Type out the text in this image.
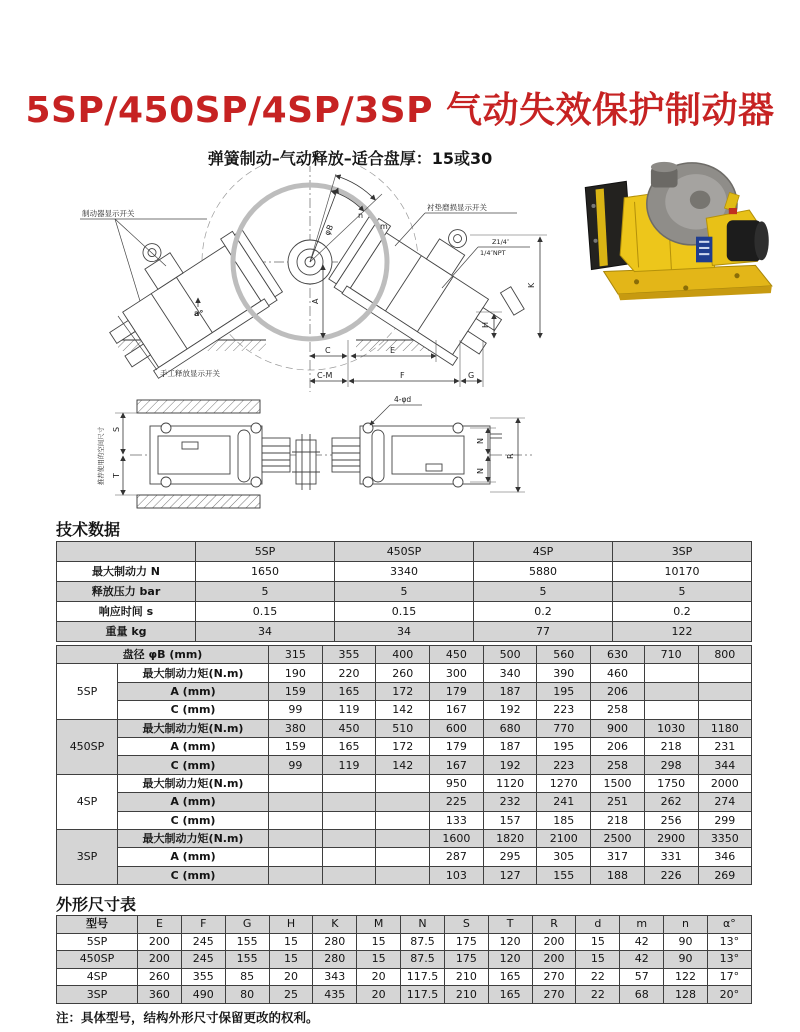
5SP/450SP/4SP/3SP 气动失效保护制动器
弹簧制动–气动释放–适合盘厚：15或30
n
m
φB
A
K
H
a°
C	E
C-M	F	G
制动器显示开关
手工释放显示开关
衬垫磨损显示开关
Z1/4″
1/4″NPT
4-φd
S
T
推荐使用的空间尺寸	N
N
R
技术数据
	5SP	450SP	4SP	3SP
最大制动力 N	1650	3340	5880	10170
释放压力 bar	5	5	5	5
响应时间 s	0.15	0.15	0.2	0.2
重量 kg	34	34	77	122
盘径 φB (mm)		315	355	400	450	500	560	630	710	800
5SP	最大制动力矩(N.m)	190	220	260	300	340	390	460		
	A (mm)	159	165	172	179	187	195	206		
	C (mm)	99	119	142	167	192	223	258		
450SP	最大制动力矩(N.m)	380	450	510	600	680	770	900	1030	1180
	A (mm)	159	165	172	179	187	195	206	218	231
	C (mm)	99	119	142	167	192	223	258	298	344
4SP	最大制动力矩(N.m)				950	1120	1270	1500	1750	2000
	A (mm)				225	232	241	251	262	274
	C (mm)				133	157	185	218	256	299
3SP	最大制动力矩(N.m)				1600	1820	2100	2500	2900	3350
	A (mm)				287	295	305	317	331	346
	C (mm)				103	127	155	188	226	269
外形尺寸表
型号	E	F	G	H	K	M	N	S	T	R	d	m	n	α°
5SP	200	245	155	15	280	15	87.5	175	120	200	15	42	90	13°
450SP	200	245	155	15	280	15	87.5	175	120	200	15	42	90	13°
4SP	260	355	85	20	343	20	117.5	210	165	270	22	57	122	17°
3SP	360	490	80	25	435	20	117.5	210	165	270	22	68	128	20°
注：具体型号，结构外形尺寸保留更改的权利。
